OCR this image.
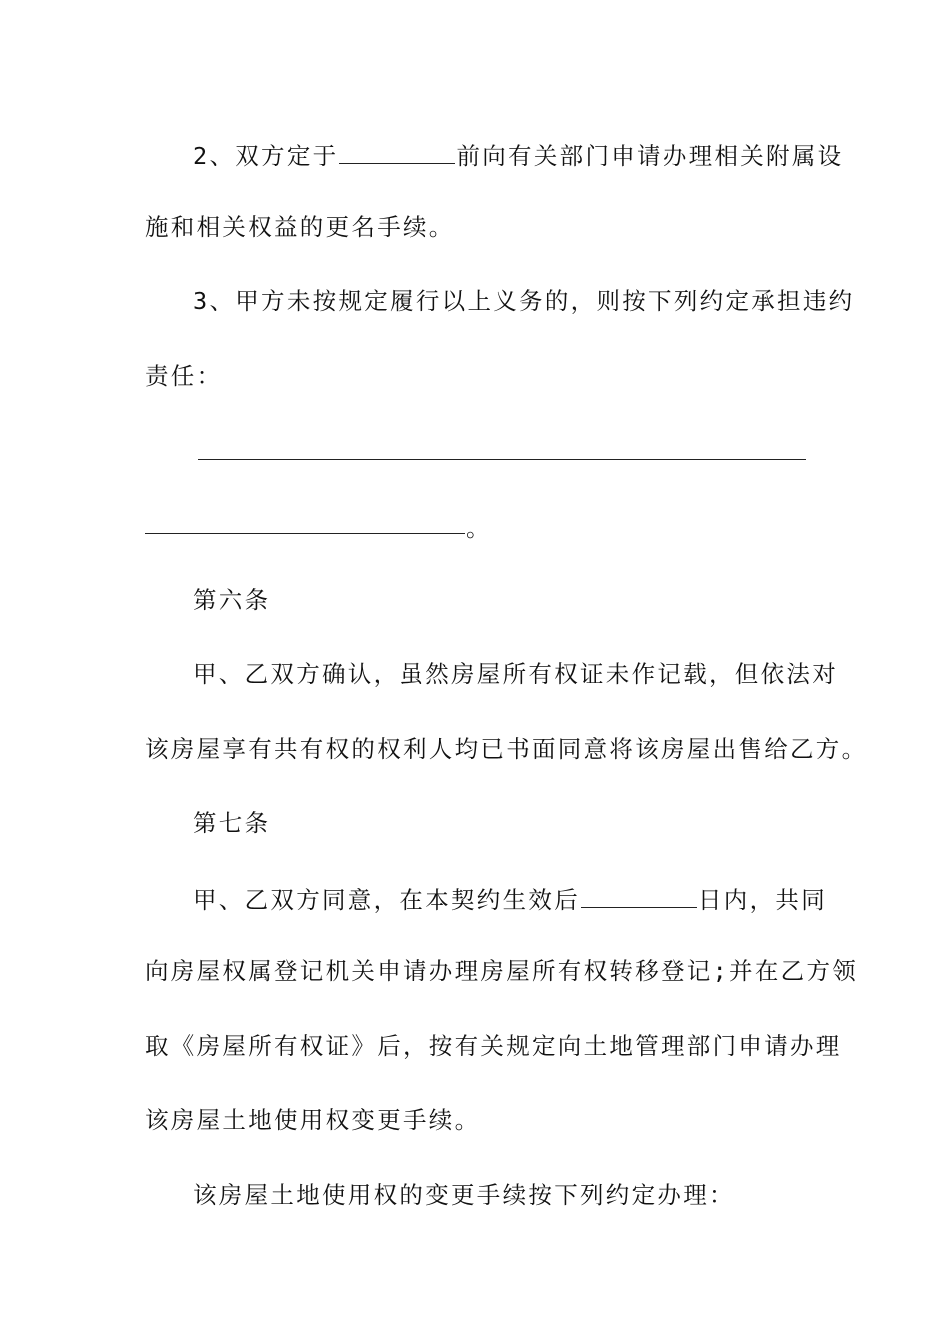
2、双方定于	前向有关部门申请办理相关附属设
施和相关权益的更名手续。
3、甲方未按规定履行以上义务的，则按下列约定承担违约
责任：
。
第六条
甲、乙双方确认，虽然房屋所有权证未作记载，但依法对
该房屋享有共有权的权利人均已书面同意将该房屋出售给乙方。
第七条
甲、乙双方同意，在本契约生效后	日内，共同
向房屋权属登记机关申请办理房屋所有权转移登记;并在乙方领
取《房屋所有权证》后，按有关规定向土地管理部门申请办理
该房屋土地使用权变更手续。
该房屋土地使用权的变更手续按下列约定办理：
